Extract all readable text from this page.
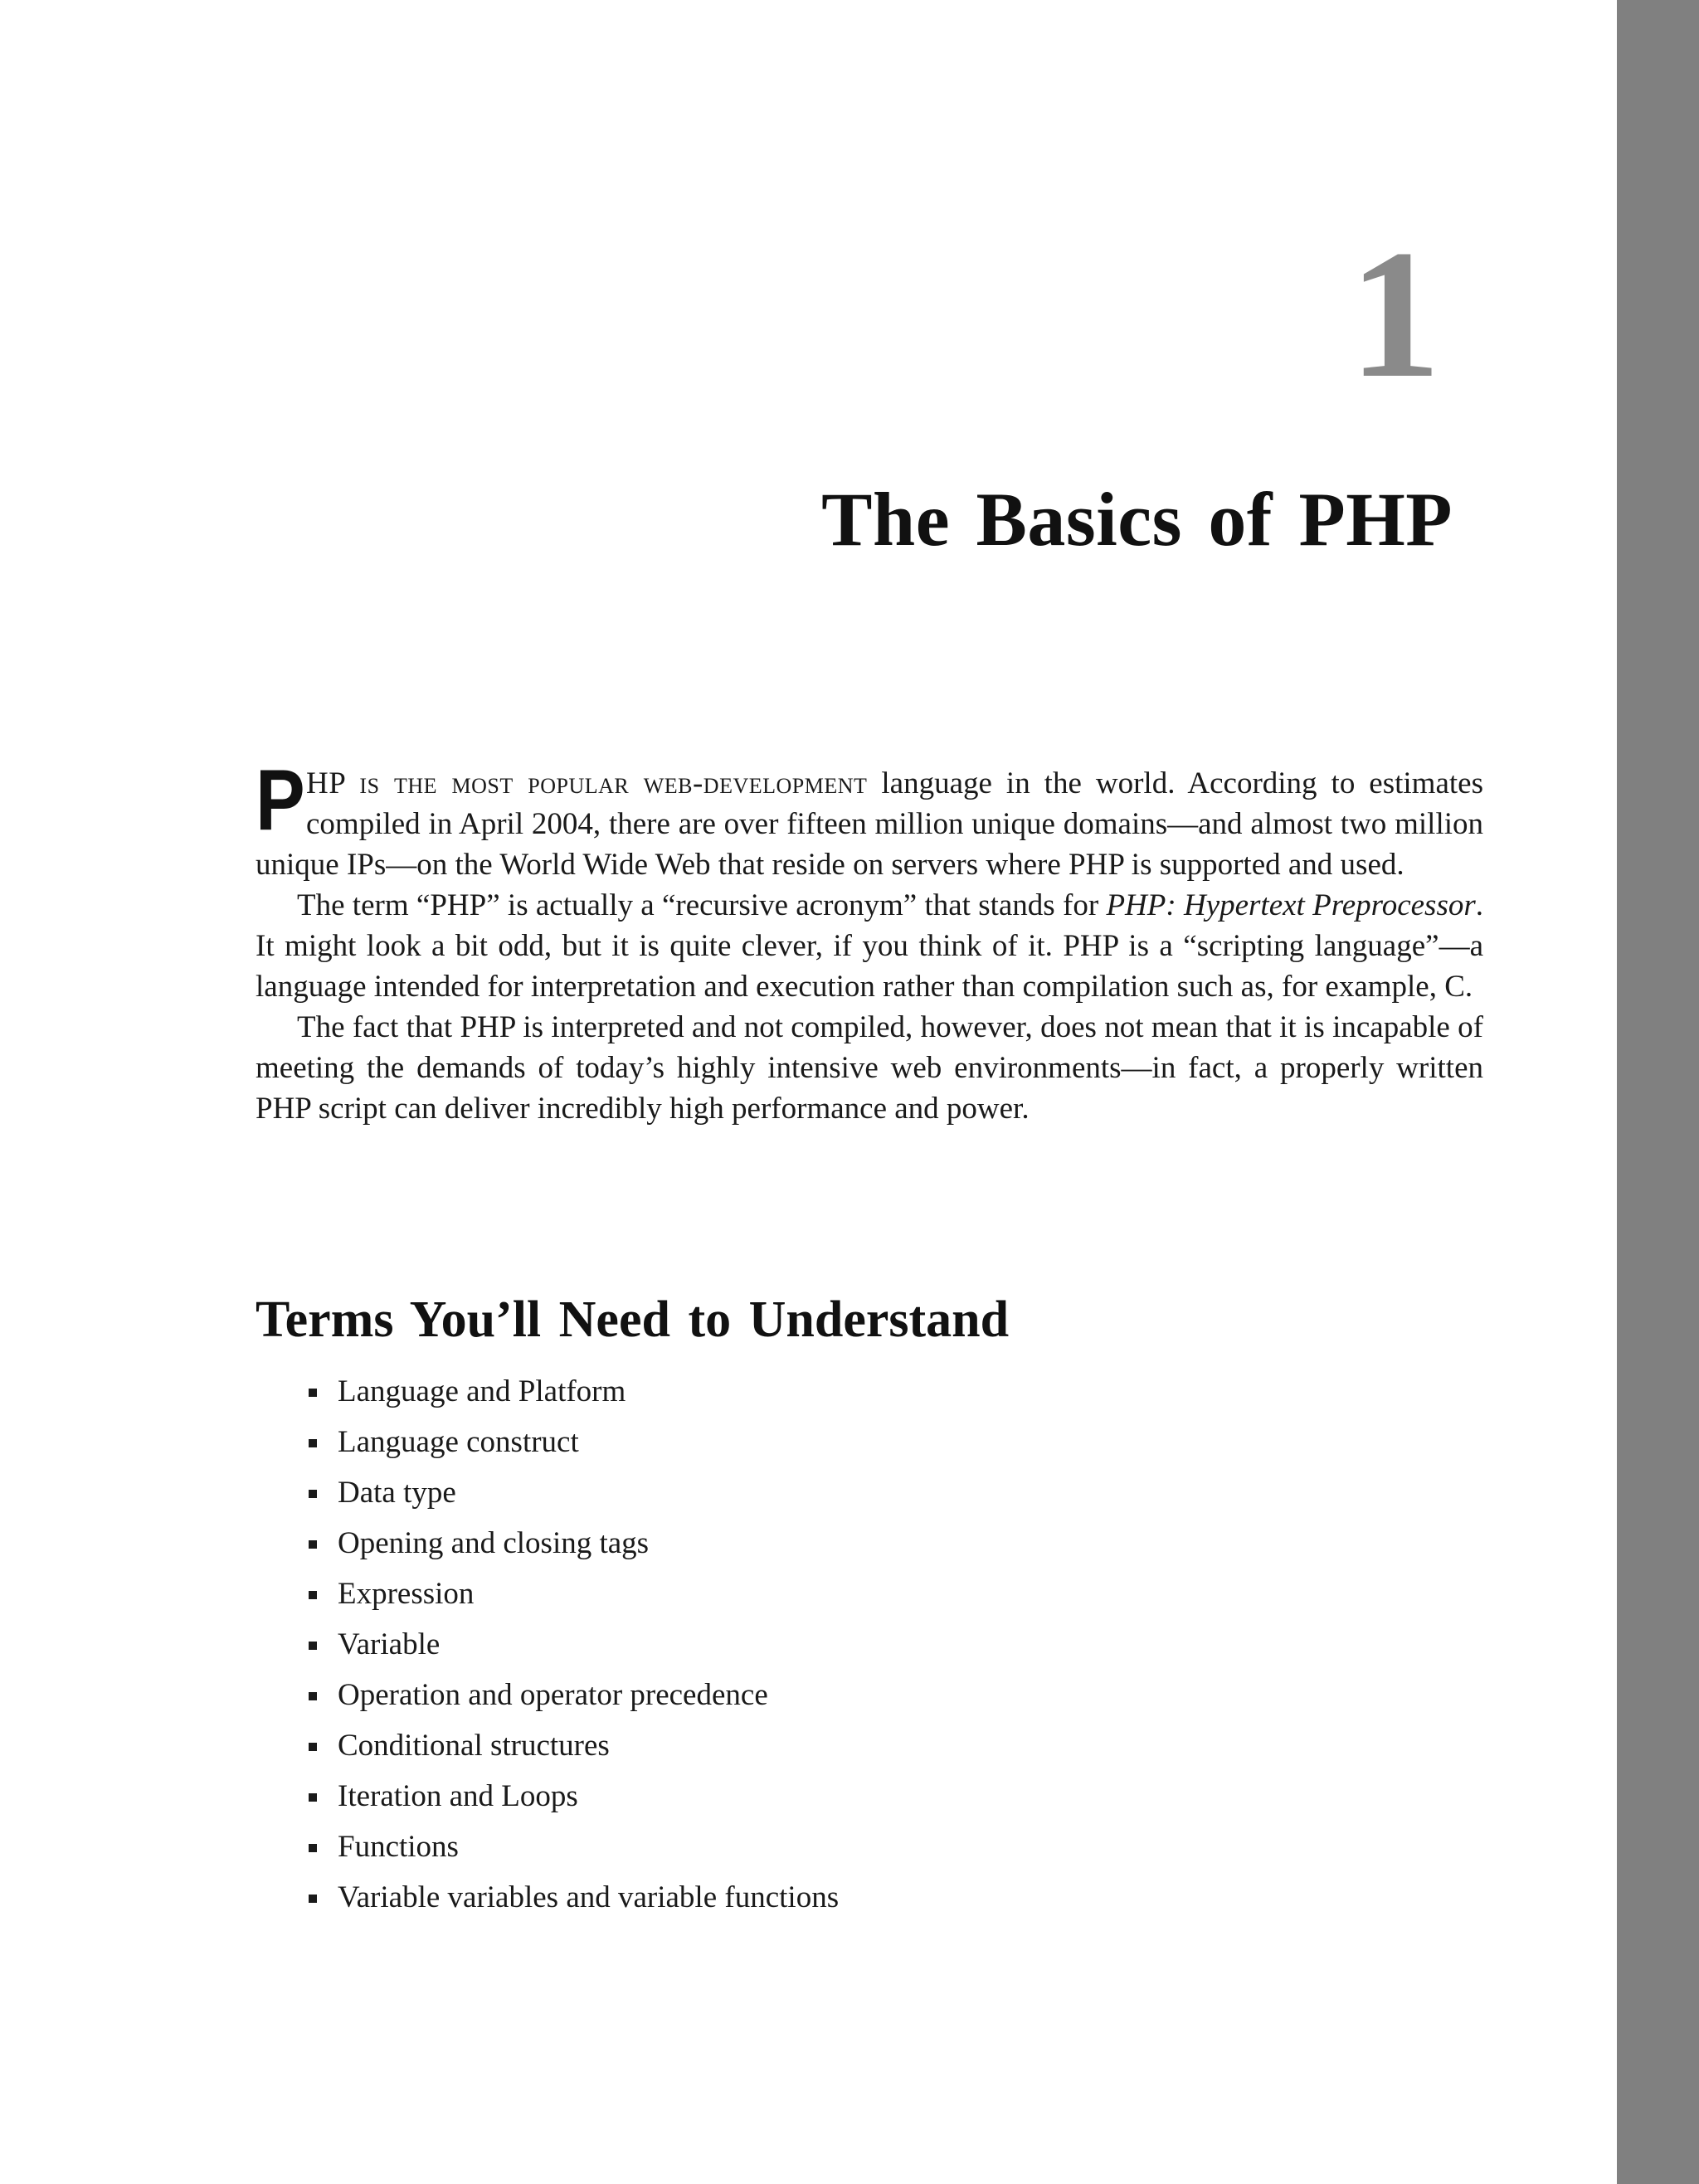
1
The Basics of PHP

PHP is the most popular web-development language in the world. According to estimates compiled in April 2004, there are over fifteen million unique domains—and almost two million unique IPs—on the World Wide Web that reside on servers where PHP is supported and used.

The term “PHP” is actually a “recursive acronym” that stands for PHP: Hypertext Preprocessor. It might look a bit odd, but it is quite clever, if you think of it. PHP is a “scripting language”—a language intended for interpretation and execution rather than compilation such as, for example, C.

The fact that PHP is interpreted and not compiled, however, does not mean that it is incapable of meeting the demands of today’s highly intensive web environments—in fact, a properly written PHP script can deliver incredibly high performance and power.

Terms You’ll Need to Understand
Language and Platform
Language construct
Data type
Opening and closing tags
Expression
Variable
Operation and operator precedence
Conditional structures
Iteration and Loops
Functions
Variable variables and variable functions
